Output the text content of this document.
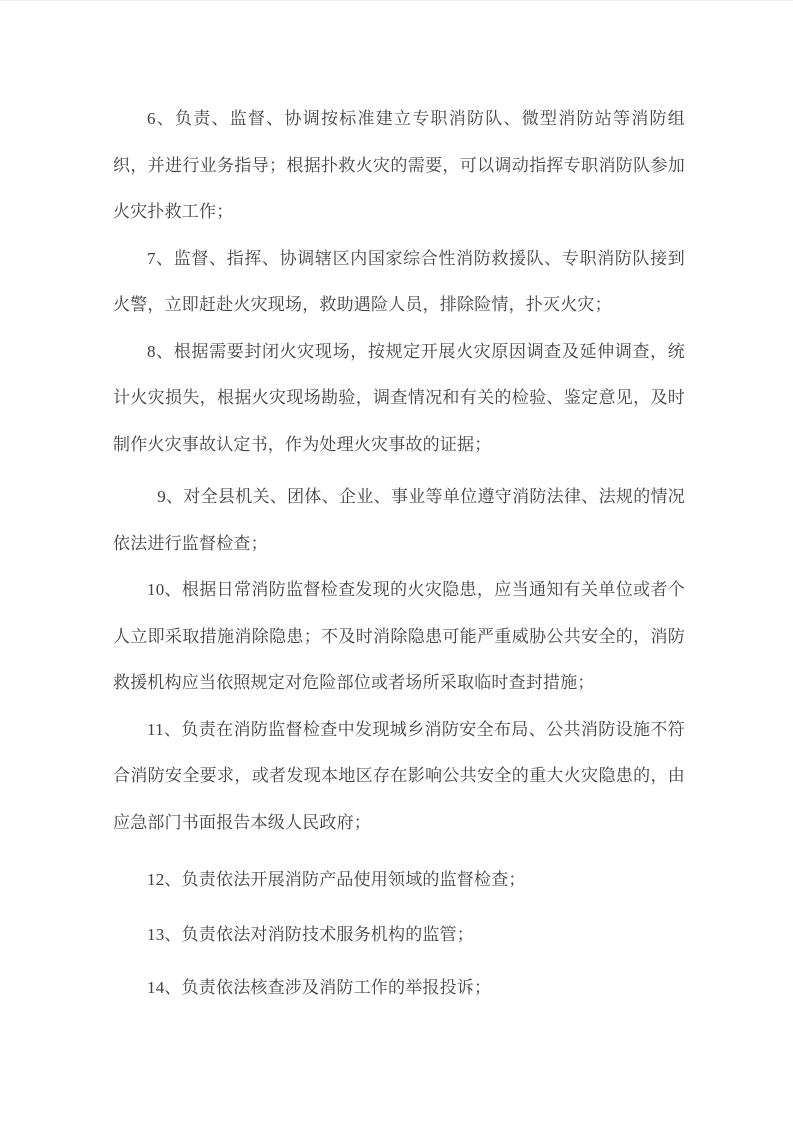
6、负责、监督、协调按标准建立专职消防队、微型消防站等消防组织，并进行业务指导；根据扑救火灾的需要，可以调动指挥专职消防队参加火灾扑救工作；

7、监督、指挥、协调辖区内国家综合性消防救援队、专职消防队接到火警，立即赶赴火灾现场，救助遇险人员，排除险情，扑灭火灾；

8、根据需要封闭火灾现场，按规定开展火灾原因调查及延伸调查，统计火灾损失，根据火灾现场勘验，调查情况和有关的检验、鉴定意见，及时制作火灾事故认定书，作为处理火灾事故的证据；

9、对全县机关、团体、企业、事业等单位遵守消防法律、法规的情况依法进行监督检查；

10、根据日常消防监督检查发现的火灾隐患，应当通知有关单位或者个人立即采取措施消除隐患；不及时消除隐患可能严重威胁公共安全的，消防救援机构应当依照规定对危险部位或者场所采取临时查封措施；

11、负责在消防监督检查中发现城乡消防安全布局、公共消防设施不符合消防安全要求，或者发现本地区存在影响公共安全的重大火灾隐患的，由应急部门书面报告本级人民政府；

12、负责依法开展消防产品使用领域的监督检查；

13、负责依法对消防技术服务机构的监管；

14、负责依法核查涉及消防工作的举报投诉；
